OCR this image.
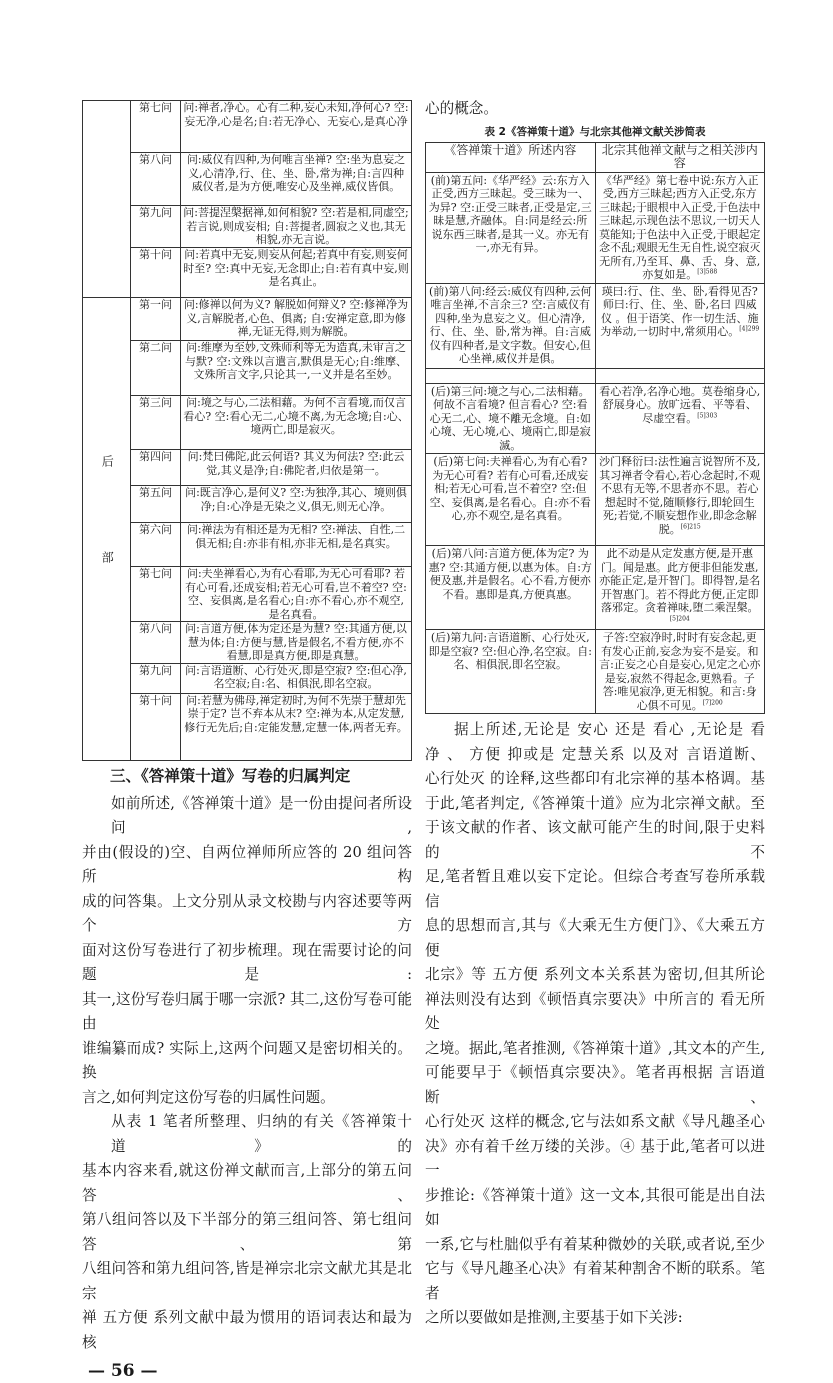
	第七问	问:禅者,净心。心有二种,妄心未知,净何心? 空:妄无净,心是名;自:若无净心、无妄心,是真心净
	第八问	问:威仪有四种,为何唯言坐禅? 空:坐为息妄之义,心清净,行、住、坐、卧,常为禅;自:言四种威仪者,是为方便,唯安心及坐禅,威仪皆俱。
	第九问	问:菩提涅槃据禅,如何相貌? 空:若是相,同虚空;若言说,则成妄相; 自:菩提者,圆寂之义也,其无相貌,亦无言说。
	第十问	问:若真中无妄,则妄从何起;若真中有妄,则妄何时至? 空:真中无妄,无念即止;自:若有真中妄,则是名真止。
后 部	第一问	问:修禅以何为义? 解脱如何辩义? 空:修禅净为义,言解脱者,心色、俱离; 自:安禅定意,即为修禅,无证无得,则为解脱。
	第二问	问:维摩为至妙,文殊师利等无为造真,未审言之与默? 空:文殊以言遣言,默俱是无心;自:维摩、文殊所言文字,只论其一,一义并是名至妙。
	第三问	问:境之与心,二法相藉。为何不言看境,而仅言看心? 空:看心无二,心境不离,为无念境;自:心、境两亡,即是寂灭。
	第四问	问:梵曰佛陀,此云何语? 其义为何法? 空:此云觉,其义是净;自:佛陀者,归依是第一。
	第五问	问:既言净心,是何义? 空:为独净,其心、境则俱净;自:心净是无染之义,俱无,则无心净。
	第六问	问:禅法为有相还是为无相? 空:禅法、自性,二俱无相;自:亦非有相,亦非无相,是名真实。
	第七问	问:夫坐禅看心,为有心看耶,为无心可看耶? 若有心可看,还成妄相;若无心可看,岂不着空? 空:空、妄俱离,是名看心;自:亦不看心,亦不观空,是名真看。
	第八问	问:言道方便,体为定还是为慧? 空:其通方便,以慧为体;自:方便与慧,皆是假名,不看方便,亦不看慧,即是真方便,即是真慧。
	第九问	问:言语道断、心行处灭,即是空寂? 空:但心净,名空寂;自:名、相俱泯,即名空寂。
	第十问	问:若慧为佛母,禅定初时,为何不先崇于慧却先崇于定? 岂不弃本从末? 空:禅为本,从定发慧,修行无先后;自:定能发慧,定慧一体,两者无弃。
三、《答禅策十道》写卷的归属判定
如前所述,《答禅策十道》是一份由提问者所设问,
并由(假设的)空、自两位禅师所应答的 20 组问答所构
成的问答集。上文分别从录文校勘与内容述要等两个方
面对这份写卷进行了初步梳理。现在需要讨论的问题是:
其一,这份写卷归属于哪一宗派? 其二,这份写卷可能由
谁编纂而成? 实际上,这两个问题又是密切相关的。换
言之,如何判定这份写卷的归属性问题。
从表 1 笔者所整理、归纳的有关《答禅策十道》的
基本内容来看,就这份禅文献而言,上部分的第五问答、
第八组问答以及下半部分的第三组问答、第七组问答、第
八组问答和第九组问答,皆是禅宗北宗文献尤其是北宗
禅 五方便 系列文献中最为惯用的语词表达和最为核
— 56 —
心的概念。
表 2《答禅策十道》与北宗其他禅文献关涉简表
《答禅策十道》所述内容	北宗其他禅文献与之相关涉内容
(前)第五问:《华严经》云:东方入正受,西方三昧起。受三昧为一、为异? 空:正受三昧者,正受是定,三昧是慧,齐融体。自:同是经云:所说东西三昧者,是其一义。亦无有一,亦无有异。	《华严经》第七卷中说:东方入正受,西方三昧起;西方入正受,东方三昧起;于眼根中入正受,于色法中三昧起,示现色法不思议,一切天人莫能知;于色法中入正受,于眼起定念不乱;观眼无生无自性,说空寂灭无所有,乃至耳、鼻、舌、身、意,亦复如是。$^{[3]588}$
(前)第八问:经云:威仪有四种,云何唯言坐禅,不言余三? 空:言威仪有四种,坐为息妄之义。但心清净,行、住、坐、卧,常为禅。自:言威仪有四种者,是文字数。但安心,但心坐禅,威仪并是俱。	瑛曰:行、住、坐、卧,看得见否? 师曰:行、住、坐、卧,名曰 四威仪 。但于语笑、作一切生活、施为举动,一切时中,常须用心。$^{[4]299}$

(后)第三问:境之与心,二法相藉。何故不言看境? 但言看心? 空:看心无二,心、境不離无念境。自:如心境、无心境,心、境兩亡,即是寂滅。	看心若净,名净心地。莫卷缩身心,舒展身心。放旷远看、平等看、尽虚空看。$^{[5]303}$
(后)第七问:夫禅看心,为有心看? 为无心可看? 若有心可看,还成妄相;若无心可看,岂不着空? 空:但空、妄俱离,是名看心。自:亦不看心,亦不观空,是名真看。	沙门释衍曰:法性遍言说智所不及,其习禅者令看心,若心念起时,不观不思有无等,不思者亦不思。若心想起时不觉,随顺修行,即轮回生死;若觉,不顺妄想作业,即念念解脱。$^{[6]215}$
(后)第八问:言道方便,体为定? 为惠? 空:其通方便,以惠为体。自:方便及惠,并是假名。心不看,方便亦不看。惠即是真,方便真惠。	此不动是从定发惠方便,是开惠门。闻是惠。此方便非但能发惠,亦能正定,是开智门。即得智,是名开智惠门。若不得此方便,正定即落邪定。贪着禅味,堕二乘涅槃。$^{[5]204}$
(后)第九问:言语道断、心行处灭,即是空寂? 空:但心浄,名空寂。自:名、相俱泯,即名空寂。	子答:空寂净时,时时有妄念起,更有发心正前,妄念为妄不是妄。和言:正妄之心自是妄心,见定之心亦是妄,寂然不得起念,更熟看。子答:唯见寂净,更无相貌。和言:身心俱不可见。$^{[7]200}$
据上所述,无论是 安心 还是 看心 ,无论是 看
净 、 方便 抑或是 定慧关系 以及对 言语道断、
心行处灭 的诠释,这些都印有北宗禅的基本格调。基
于此,笔者判定,《答禅策十道》应为北宗禅文献。至
于该文献的作者、该文献可能产生的时间,限于史料的不
足,笔者暂且难以妄下定论。但综合考查写卷所承载信
息的思想而言,其与《大乘无生方便门》、《大乘五方便
北宗》等 五方便 系列文本关系甚为密切,但其所论
禅法则没有达到《顿悟真宗要决》中所言的 看无所处
之境。据此,笔者推测,《答禅策十道》,其文本的产生,
可能要早于《顿悟真宗要决》。笔者再根据 言语道断、
心行处灭 这样的概念,它与法如系文献《导凡趣圣心
决》亦有着千丝万缕的关涉。④ 基于此,笔者可以进一
步推论:《答禅策十道》这一文本,其很可能是出自法如
一系,它与杜朏似乎有着某种微妙的关联,或者说,至少
它与《导凡趣圣心决》有着某种割舍不断的联系。笔者
之所以要做如是推测,主要基于如下关涉:
